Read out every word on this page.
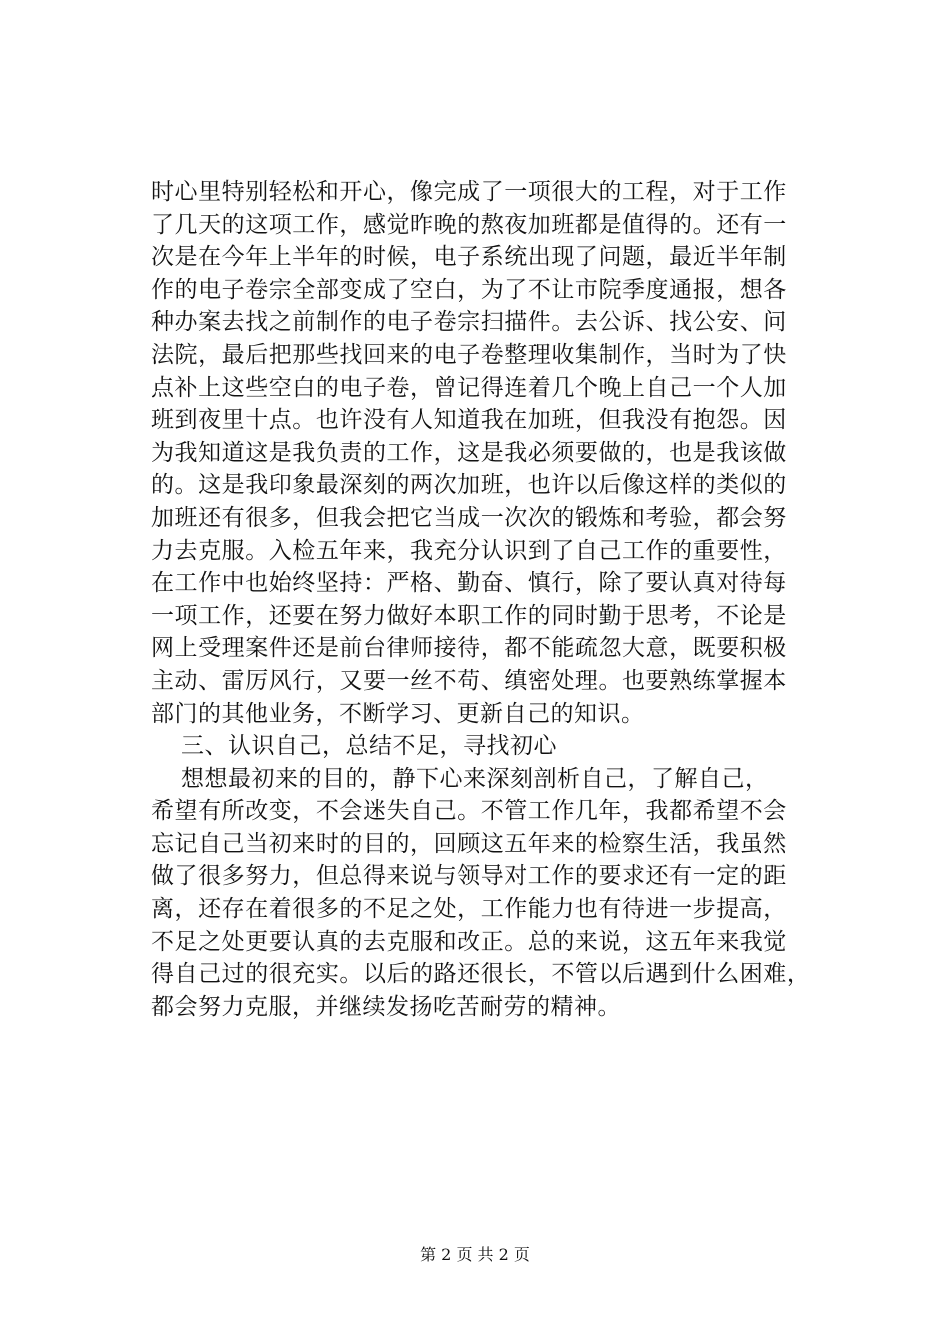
时心里特别轻松和开心，像完成了一项很大的工程，对于工作
了几天的这项工作，感觉昨晚的熬夜加班都是值得的。还有一
次是在今年上半年的时候，电子系统出现了问题，最近半年制
作的电子卷宗全部变成了空白，为了不让市院季度通报，想各
种办案去找之前制作的电子卷宗扫描件。去公诉、找公安、问
法院，最后把那些找回来的电子卷整理收集制作，当时为了快
点补上这些空白的电子卷，曾记得连着几个晚上自己一个人加
班到夜里十点。也许没有人知道我在加班，但我没有抱怨。因
为我知道这是我负责的工作，这是我必须要做的，也是我该做
的。这是我印象最深刻的两次加班，也许以后像这样的类似的
加班还有很多，但我会把它当成一次次的锻炼和考验，都会努
力去克服。入检五年来，我充分认识到了自己工作的重要性，
在工作中也始终坚持：严格、勤奋、慎行，除了要认真对待每
一项工作，还要在努力做好本职工作的同时勤于思考，不论是
网上受理案件还是前台律师接待，都不能疏忽大意，既要积极
主动、雷厉风行，又要一丝不苟、缜密处理。也要熟练掌握本
部门的其他业务，不断学习、更新自己的知识。
三、认识自己，总结不足，寻找初心
想想最初来的目的，静下心来深刻剖析自己，了解自己，
希望有所改变，不会迷失自己。不管工作几年，我都希望不会
忘记自己当初来时的目的，回顾这五年来的检察生活，我虽然
做了很多努力，但总得来说与领导对工作的要求还有一定的距
离，还存在着很多的不足之处，工作能力也有待进一步提高，
不足之处更要认真的去克服和改正。总的来说，这五年来我觉
得自己过的很充实。以后的路还很长，不管以后遇到什么困难，
都会努力克服，并继续发扬吃苦耐劳的精神。
第 2 页 共 2 页
